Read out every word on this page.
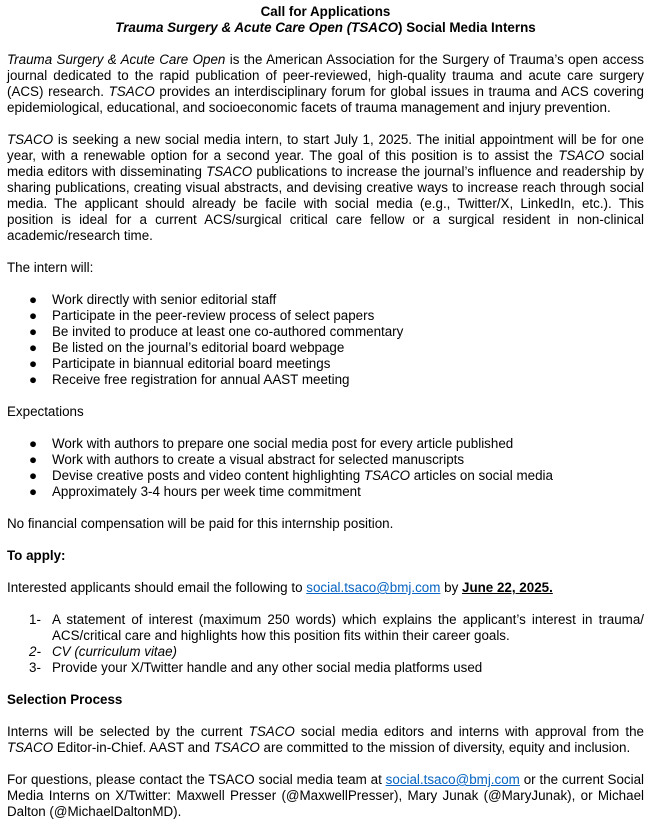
Call for Applications
Trauma Surgery & Acute Care Open (TSACO) Social Media Interns

Trauma Surgery & Acute Care Open is the American Association for the Surgery of Trauma’s open access journal dedicated to the rapid publication of peer-reviewed, high-quality trauma and acute care surgery (ACS) research. TSACO provides an interdisciplinary forum for global issues in trauma and ACS covering epidemiological, educational, and socioeconomic facets of trauma management and injury prevention.

TSACO is seeking a new social media intern, to start July 1, 2025. The initial appointment will be for one year, with a renewable option for a second year. The goal of this position is to assist the TSACO social media editors with disseminating TSACO publications to increase the journal’s influence and readership by sharing publications, creating visual abstracts, and devising creative ways to increase reach through social media. The applicant should already be facile with social media (e.g., Twitter/X, LinkedIn, etc.). This position is ideal for a current ACS/surgical critical care fellow or a surgical resident in non-clinical academic/research time.

The intern will:

● Work directly with senior editorial staff
● Participate in the peer-review process of select papers
● Be invited to produce at least one co-authored commentary
● Be listed on the journal’s editorial board webpage
● Participate in biannual editorial board meetings
● Receive free registration for annual AAST meeting

Expectations

● Work with authors to prepare one social media post for every article published
● Work with authors to create a visual abstract for selected manuscripts
● Devise creative posts and video content highlighting TSACO articles on social media
● Approximately 3-4 hours per week time commitment

No financial compensation will be paid for this internship position.

To apply:

Interested applicants should email the following to social.tsaco@bmj.com by June 22, 2025.

1- A statement of interest (maximum 250 words) which explains the applicant’s interest in trauma/ ACS/critical care and highlights how this position fits within their career goals.
2- CV (curriculum vitae)
3- Provide your X/Twitter handle and any other social media platforms used

Selection Process

Interns will be selected by the current TSACO social media editors and interns with approval from the TSACO Editor-in-Chief. AAST and TSACO are committed to the mission of diversity, equity and inclusion.

For questions, please contact the TSACO social media team at social.tsaco@bmj.com or the current Social Media Interns on X/Twitter: Maxwell Presser (@MaxwellPresser), Mary Junak (@MaryJunak), or Michael Dalton (@MichaelDaltonMD).
